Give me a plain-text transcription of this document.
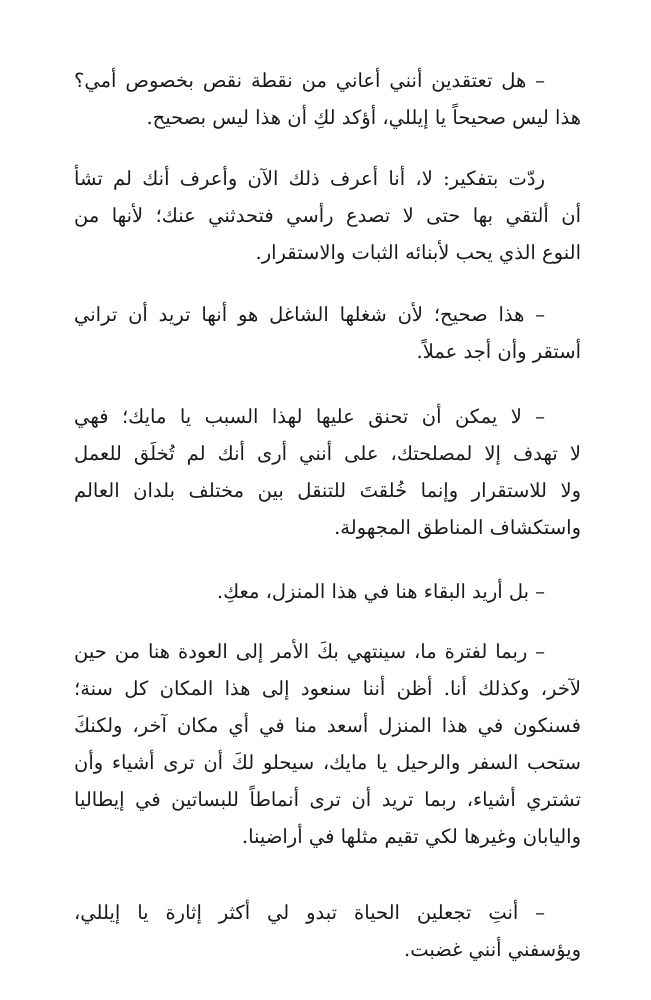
– هل تعتقدين أنني أعاني من نقطة نقص بخصوص أمي؟
هذا ليس صحيحاً يا إيللي، أؤكد لكِ أن هذا ليس بصحيح.
ردّت بتفكير: لا، أنا أعرف ذلك الآن وأعرف أنك لم تشأ
أن ألتقي بها حتى لا تصدع رأسي فتحدثني عنك؛ لأنها من
النوع الذي يحب لأبنائه الثبات والاستقرار.
– هذا صحيح؛ لأن شغلها الشاغل هو أنها تريد أن تراني
أستقر وأن أجد عملاً.
– لا يمكن أن تحنق عليها لهذا السبب يا مايك؛ فهي
لا تهدف إلا لمصلحتك، على أنني أرى أنك لم تُخلَق للعمل
ولا للاستقرار وإنما خُلقتَ للتنقل بين مختلف بلدان العالم
واستكشاف المناطق المجهولة.
– بل أريد البقاء هنا في هذا المنزل، معكِ.
– ربما لفترة ما، سينتهي بكَ الأمر إلى العودة هنا من حين
لآخر، وكذلك أنا. أظن أننا سنعود إلى هذا المكان كل سنة؛
فسنكون في هذا المنزل أسعد منا في أي مكان آخر، ولكنكَ
ستحب السفر والرحيل يا مايك، سيحلو لكَ أن ترى أشياء وأن
تشتري أشياء، ربما تريد أن ترى أنماطاً للبساتين في إيطاليا
واليابان وغيرها لكي تقيم مثلها في أراضينا.
– أنتِ تجعلين الحياة تبدو لي أكثر إثارة يا إيللي،
ويؤسفني أنني غضبت.
